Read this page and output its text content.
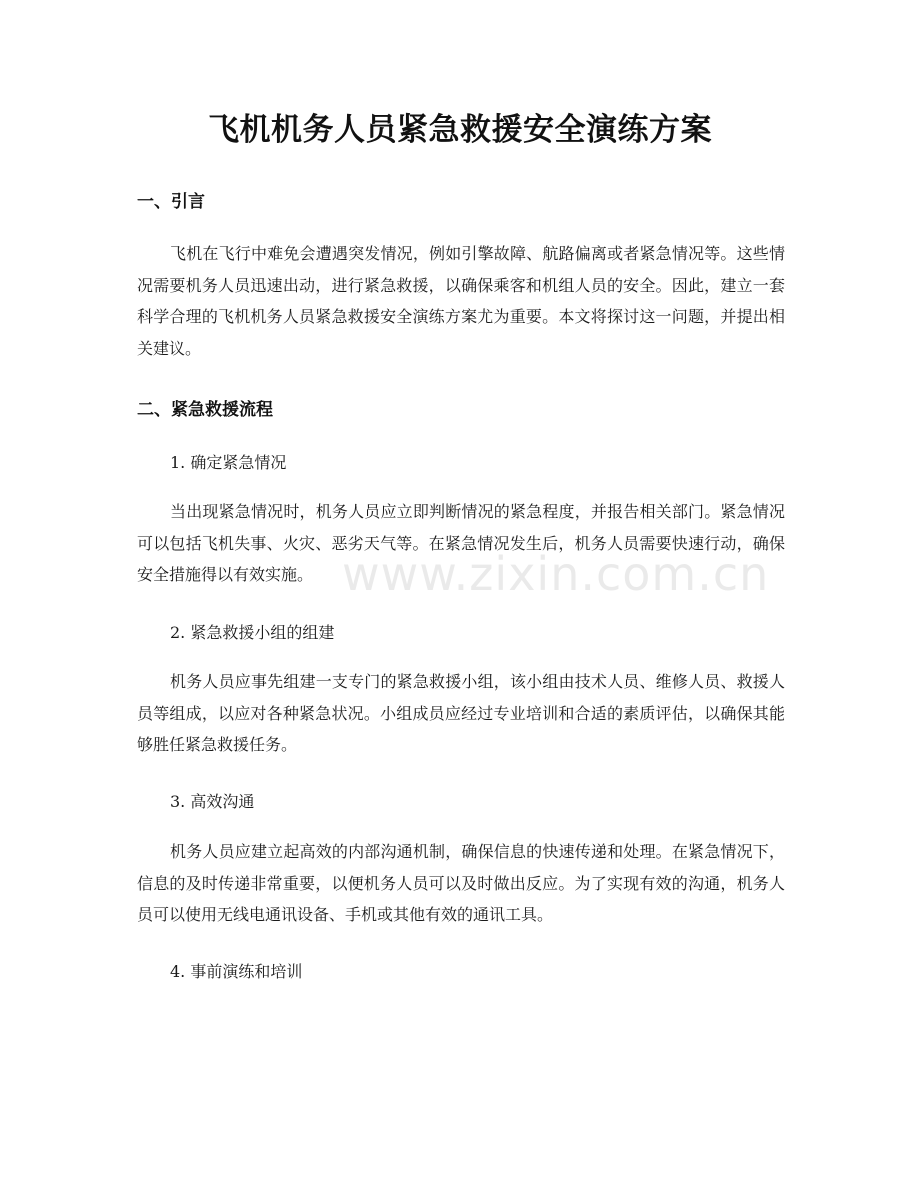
飞机机务人员紧急救援安全演练方案
一、引言

飞机在飞行中难免会遭遇突发情况，例如引擎故障、航路偏离或者紧急情况等。这些情况需要机务人员迅速出动，进行紧急救援，以确保乘客和机组人员的安全。因此，建立一套科学合理的飞机机务人员紧急救援安全演练方案尤为重要。本文将探讨这一问题，并提出相关建议。

二、紧急救援流程
1. 确定紧急情况

当出现紧急情况时，机务人员应立即判断情况的紧急程度，并报告相关部门。紧急情况可以包括飞机失事、火灾、恶劣天气等。在紧急情况发生后，机务人员需要快速行动，确保安全措施得以有效实施。

2. 紧急救援小组的组建

机务人员应事先组建一支专门的紧急救援小组，该小组由技术人员、维修人员、救援人员等组成，以应对各种紧急状况。小组成员应经过专业培训和合适的素质评估，以确保其能够胜任紧急救援任务。

3. 高效沟通

机务人员应建立起高效的内部沟通机制，确保信息的快速传递和处理。在紧急情况下，信息的及时传递非常重要，以便机务人员可以及时做出反应。为了实现有效的沟通，机务人员可以使用无线电通讯设备、手机或其他有效的通讯工具。

4. 事前演练和培训
www.zixin.com.cn
